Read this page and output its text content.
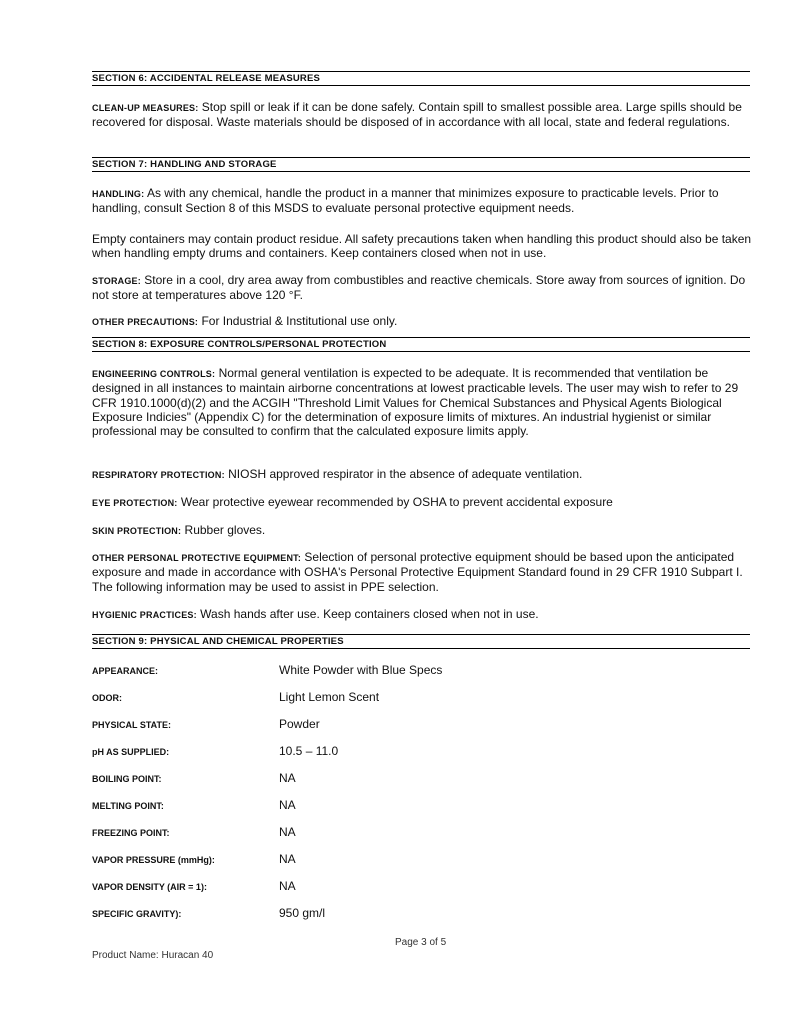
SECTION 6: ACCIDENTAL RELEASE MEASURES
CLEAN-UP MEASURES: Stop spill or leak if it can be done safely. Contain spill to smallest possible area. Large spills should be recovered for disposal. Waste materials should be disposed of in accordance with all local, state and federal regulations.
SECTION 7: HANDLING AND STORAGE
HANDLING: As with any chemical, handle the product in a manner that minimizes exposure to practicable levels. Prior to handling, consult Section 8 of this MSDS to evaluate personal protective equipment needs.
Empty containers may contain product residue. All safety precautions taken when handling this product should also be taken when handling empty drums and containers. Keep containers closed when not in use.
STORAGE: Store in a cool, dry area away from combustibles and reactive chemicals. Store away from sources of ignition. Do not store at temperatures above 120 °F.
OTHER PRECAUTIONS: For Industrial & Institutional use only.
SECTION 8: EXPOSURE CONTROLS/PERSONAL PROTECTION
ENGINEERING CONTROLS: Normal general ventilation is expected to be adequate. It is recommended that ventilation be designed in all instances to maintain airborne concentrations at lowest practicable levels. The user may wish to refer to 29 CFR 1910.1000(d)(2) and the ACGIH "Threshold Limit Values for Chemical Substances and Physical Agents Biological Exposure Indicies" (Appendix C) for the determination of exposure limits of mixtures. An industrial hygienist or similar professional may be consulted to confirm that the calculated exposure limits apply.
RESPIRATORY PROTECTION: NIOSH approved respirator in the absence of adequate ventilation.
EYE PROTECTION: Wear protective eyewear recommended by OSHA to prevent accidental exposure
SKIN PROTECTION: Rubber gloves.
OTHER PERSONAL PROTECTIVE EQUIPMENT: Selection of personal protective equipment should be based upon the anticipated exposure and made in accordance with OSHA's Personal Protective Equipment Standard found in 29 CFR 1910 Subpart I. The following information may be used to assist in PPE selection.
HYGIENIC PRACTICES: Wash hands after use. Keep containers closed when not in use.
SECTION 9: PHYSICAL AND CHEMICAL PROPERTIES
APPEARANCE:	White Powder with Blue Specs
ODOR:	Light Lemon Scent
PHYSICAL STATE:	Powder
pH AS SUPPLIED:	10.5 – 11.0
BOILING POINT:	NA
MELTING POINT:	NA
FREEZING POINT:	NA
VAPOR PRESSURE (mmHg):	NA
VAPOR DENSITY (AIR = 1):	NA
SPECIFIC GRAVITY):	950 gm/l
Page 3 of 5
Product Name: Huracan 40
